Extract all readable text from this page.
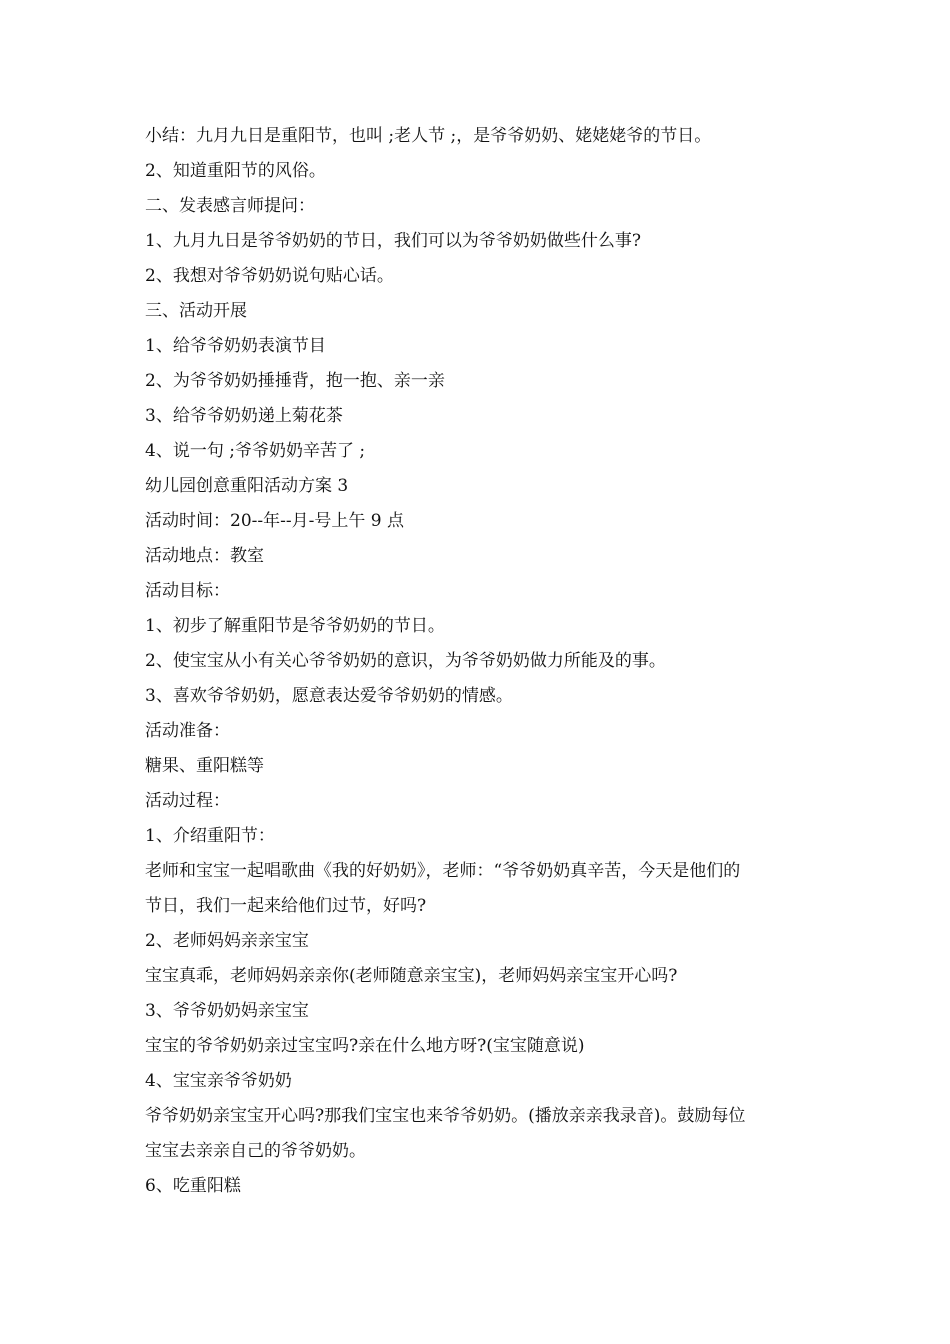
小结：九月九日是重阳节，也叫 ;老人节 ;，是爷爷奶奶、姥姥姥爷的节日。
2、知道重阳节的风俗。
二、发表感言师提问：
1、九月九日是爷爷奶奶的节日，我们可以为爷爷奶奶做些什么事?
2、我想对爷爷奶奶说句贴心话。
三、活动开展
1、给爷爷奶奶表演节目
2、为爷爷奶奶捶捶背，抱一抱、亲一亲
3、给爷爷奶奶递上菊花茶
4、说一句 ;爷爷奶奶辛苦了 ;
幼儿园创意重阳活动方案 3
活动时间：20--年--月-号上午 9 点
活动地点：教室
活动目标：
1、初步了解重阳节是爷爷奶奶的节日。
2、使宝宝从小有关心爷爷奶奶的意识，为爷爷奶奶做力所能及的事。
3、喜欢爷爷奶奶，愿意表达爱爷爷奶奶的情感。
活动准备：
糖果、重阳糕等
活动过程：
1、介绍重阳节：
老师和宝宝一起唱歌曲《我的好奶奶》，老师：“爷爷奶奶真辛苦，今天是他们的
节日，我们一起来给他们过节，好吗?
2、老师妈妈亲亲宝宝
宝宝真乖，老师妈妈亲亲你(老师随意亲宝宝)，老师妈妈亲宝宝开心吗?
3、爷爷奶奶妈亲宝宝
宝宝的爷爷奶奶亲过宝宝吗?亲在什么地方呀?(宝宝随意说)
4、宝宝亲爷爷奶奶
爷爷奶奶亲宝宝开心吗?那我们宝宝也来爷爷奶奶。(播放亲亲我录音)。鼓励每位
宝宝去亲亲自己的爷爷奶奶。
6、吃重阳糕
